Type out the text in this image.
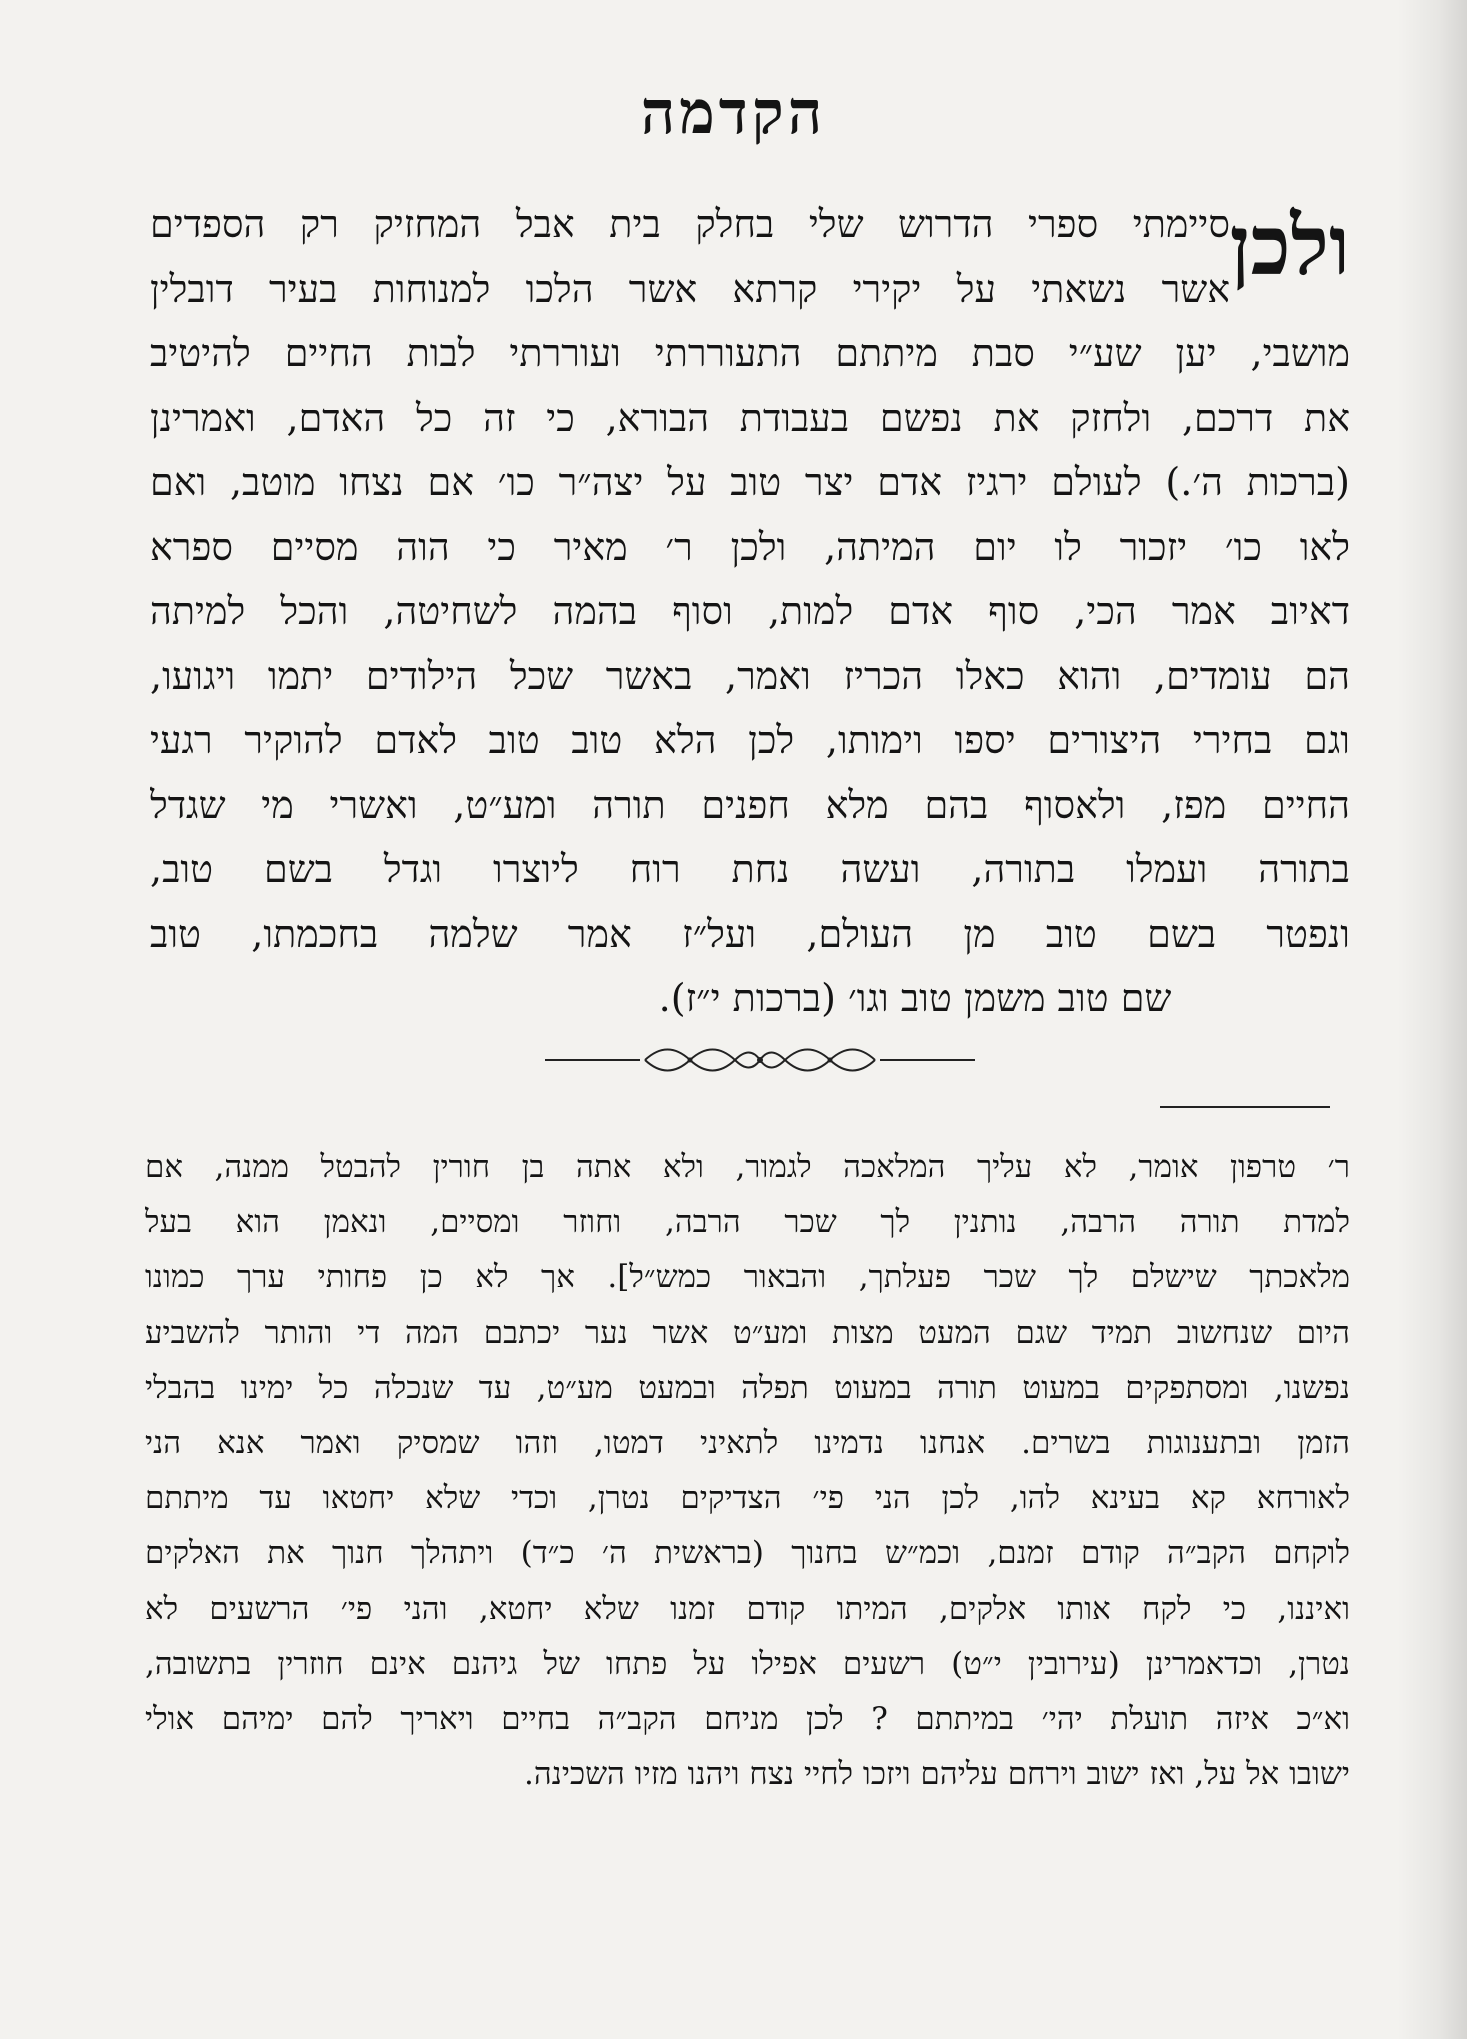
הקדמה
ולכן
סיימתי ספרי הדרוש שלי בחלק בית אבל המחזיק רק הספדים
אשר נשאתי על יקירי קרתא אשר הלכו למנוחות בעיר דובלין
מושבי, יען שע״י סבת מיתתם התעוררתי ועוררתי לבות החיים להיטיב
את דרכם, ולחזק את נפשם בעבודת הבורא, כי זה כל האדם, ואמרינן
(ברכות ה׳.) לעולם ירגיז אדם יצר טוב על יצה״ר כו׳ אם נצחו מוטב, ואם
לאו כו׳ יזכור לו יום המיתה, ולכן ר׳ מאיר כי הוה מסיים ספרא
דאיוב אמר הכי, סוף אדם למות, וסוף בהמה לשחיטה, והכל למיתה
הם עומדים, והוא כאלו הכריז ואמר, באשר שכל הילודים יתמו ויגועו,
וגם בחירי היצורים יספו וימותו, לכן הלא טוב טוב לאדם להוקיר רגעי
החיים מפז, ולאסוף בהם מלא חפנים תורה ומע״ט, ואשרי מי שגדל
בתורה ועמלו בתורה, ועשה נחת רוח ליוצרו וגדל בשם טוב,
ונפטר בשם טוב מן העולם, ועל״ז אמר שלמה בחכמתו, טוב
שם טוב משמן טוב וגו׳ (ברכות י״ז).
ר׳ טרפון אומר, לא עליך המלאכה לגמור, ולא אתה בן חורין להבטל ממנה, אם
למדת תורה הרבה, נותנין לך שכר הרבה, וחוזר ומסיים, ונאמן הוא בעל
מלאכתך שישלם לך שכר פעלתך, והבאור כמש״ל]. אך לא כן פחותי ערך כמונו
היום שנחשוב תמיד שגם המעט מצות ומע״ט אשר נער יכתבם המה די והותר להשביע
נפשנו, ומסתפקים במעוט תורה במעוט תפלה ובמעט מע״ט, עד שנכלה כל ימינו בהבלי
הזמן ובתענוגות בשרים. אנחנו נדמינו לתאיני דמטו, וזהו שמסיק ואמר אנא הני
לאורחא קא בעינא להו, לכן הני פי׳ הצדיקים נטרן, וכדי שלא יחטאו עד מיתתם
לוקחם הקב״ה קודם זמנם, וכמ״ש בחנוך (בראשית ה׳ כ״ד) ויתהלך חנוך את האלקים
ואיננו, כי לקח אותו אלקים, המיתו קודם זמנו שלא יחטא, והני פי׳ הרשעים לא
נטרן, וכדאמרינן (עירובין י״ט) רשעים אפילו על פתחו של גיהנם אינם חוזרין בתשובה,
וא״כ איזה תועלת יהי׳ במיתתם ? לכן מניחם הקב״ה בחיים ויאריך להם ימיהם אולי
ישובו אל על, ואז ישוב וירחם עליהם ויזכו לחיי נצח ויהנו מזיו השכינה.
